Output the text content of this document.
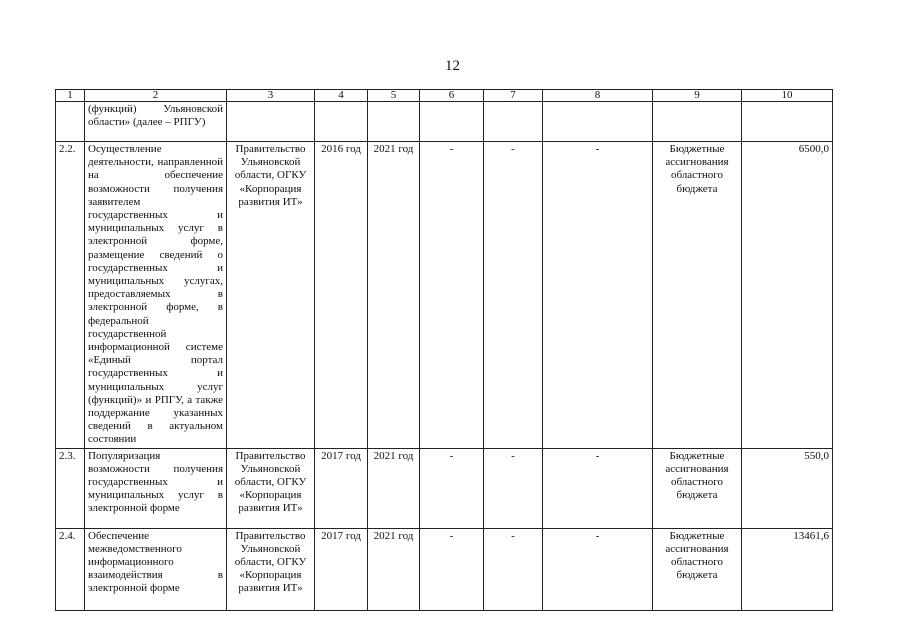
12
1	2	3	4	5	6	7	8	9	10
	(функций) Ульяновской области» (далее – РПГУ)								
2.2.	Осуществление деятельности, направленной на обеспечение возможности получения заявителем государственных и муниципальных услуг в электронной форме, размещение сведений о государственных и муниципальных услугах, предоставляемых в электронной форме, в федеральной государственной информационной системе «Единый портал государственных и муниципальных услуг (функций)» и РПГУ, а также поддержание указанных сведений в актуальном состоянии	Правительство Ульяновской области, ОГКУ «Корпорация развития ИТ»	2016 год	2021 год	-	-	-	Бюджетные ассигнования областного бюджета	6500,0
2.3.	Популяризация возможности получения государственных и муниципальных услуг в электронной форме	Правительство Ульяновской области, ОГКУ «Корпорация развития ИТ»	2017 год	2021 год	-	-	-	Бюджетные ассигнования областного бюджета	550,0
2.4.	Обеспечение межведомственного информационного взаимодействия в электронной форме	Правительство Ульяновской области, ОГКУ «Корпорация развития ИТ»	2017 год	2021 год	-	-	-	Бюджетные ассигнования областного бюджета	13461,6
